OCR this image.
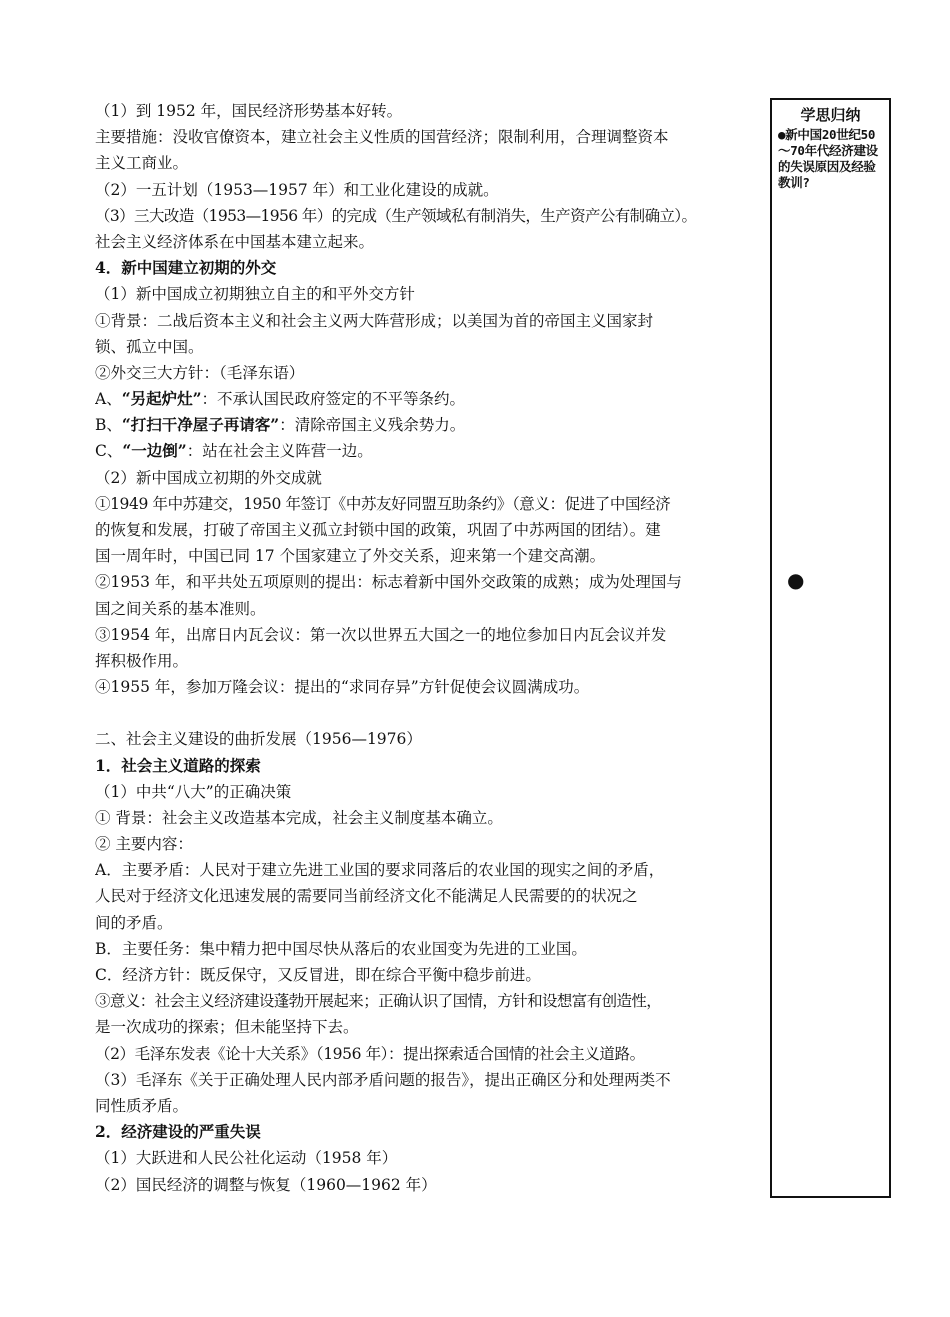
（1）到 1952 年，国民经济形势基本好转。
主要措施：没收官僚资本，建立社会主义性质的国营经济；限制利用，合理调整资本
主义工商业。
（2）一五计划（1953—1957 年）和工业化建设的成就。
（3）三大改造（1953—1956 年）的完成（生产领域私有制消失，生产资产公有制确立）。
社会主义经济体系在中国基本建立起来。
4．新中国建立初期的外交
（1）新中国成立初期独立自主的和平外交方针
①背景：二战后资本主义和社会主义两大阵营形成；以美国为首的帝国主义国家封
锁、孤立中国。
②外交三大方针：（毛泽东语）
A、“另起炉灶”：不承认国民政府签定的不平等条约。
B、“打扫干净屋子再请客”：清除帝国主义残余势力。
C、“一边倒”：站在社会主义阵营一边。
（2）新中国成立初期的外交成就
①1949 年中苏建交，1950 年签订《中苏友好同盟互助条约》（意义：促进了中国经济
的恢复和发展，打破了帝国主义孤立封锁中国的政策，巩固了中苏两国的团结）。建
国一周年时，中国已同 17 个国家建立了外交关系，迎来第一个建交高潮。
②1953 年，和平共处五项原则的提出：标志着新中国外交政策的成熟；成为处理国与
国之间关系的基本准则。
③1954 年，出席日内瓦会议：第一次以世界五大国之一的地位参加日内瓦会议并发
挥积极作用。
④1955 年，参加万隆会议：提出的“求同存异”方针促使会议圆满成功。
二、社会主义建设的曲折发展（1956—1976）
1．社会主义道路的探索
（1）中共“八大”的正确决策
① 背景：社会主义改造基本完成，社会主义制度基本确立。
② 主要内容：
A．主要矛盾：人民对于建立先进工业国的要求同落后的农业国的现实之间的矛盾，
人民对于经济文化迅速发展的需要同当前经济文化不能满足人民需要的的状况之
间的矛盾。
B．主要任务：集中精力把中国尽快从落后的农业国变为先进的工业国。
C．经济方针：既反保守，又反冒进，即在综合平衡中稳步前进。
③意义：社会主义经济建设蓬勃开展起来；正确认识了国情，方针和设想富有创造性，
是一次成功的探索；但未能坚持下去。
（2）毛泽东发表《论十大关系》（1956 年）：提出探索适合国情的社会主义道路。
（3）毛泽东《关于正确处理人民内部矛盾问题的报告》，提出正确区分和处理两类不
同性质矛盾。
2．经济建设的严重失误
（1）大跃进和人民公社化运动（1958 年）
（2）国民经济的调整与恢复（1960—1962 年）
学思归纳
●新中国20世纪50～70年代经济建设的失误原因及经验教训?
●
